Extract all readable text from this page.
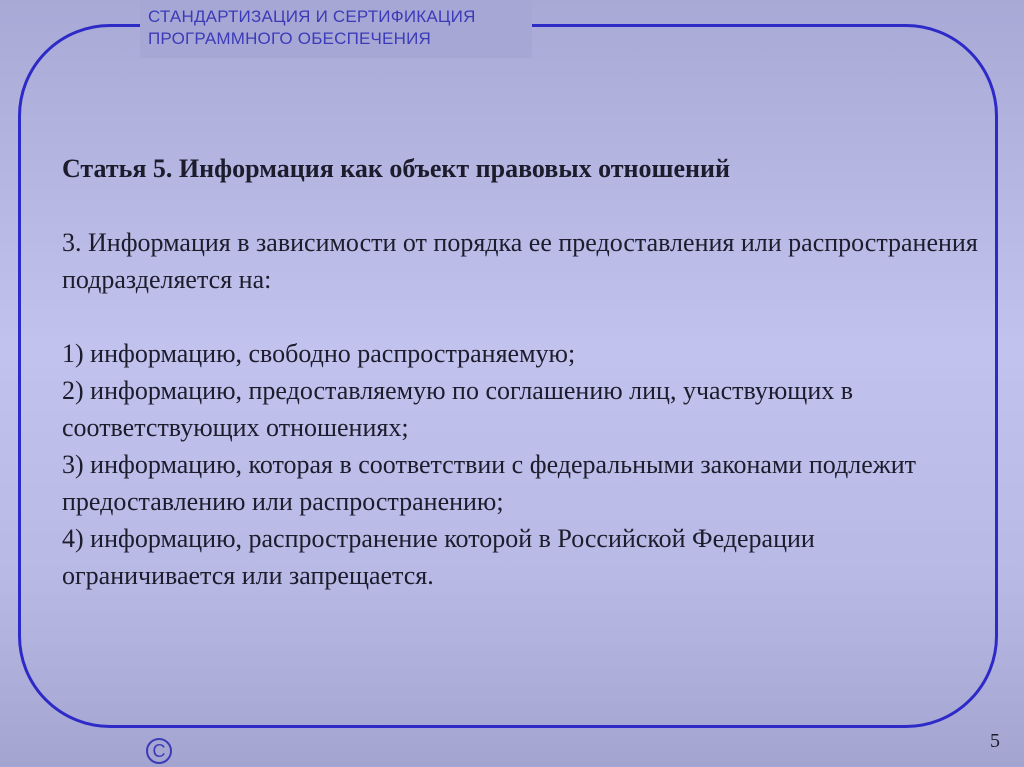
СТАНДАРТИЗАЦИЯ И СЕРТИФИКАЦИЯ
ПРОГРАММНОГО ОБЕСПЕЧЕНИЯ

Статья 5. Информация как объект правовых отношений

3. Информация в зависимости от порядка ее предоставления или распространения подразделяется на:

1) информацию, свободно распространяемую;
2) информацию, предоставляемую по соглашению лиц, участвующих в соответствующих отношениях;
3) информацию, которая в соответствии с федеральными законами подлежит предоставлению или распространению;
4) информацию, распространение которой в Российской Федерации ограничивается или запрещается.
C	5
